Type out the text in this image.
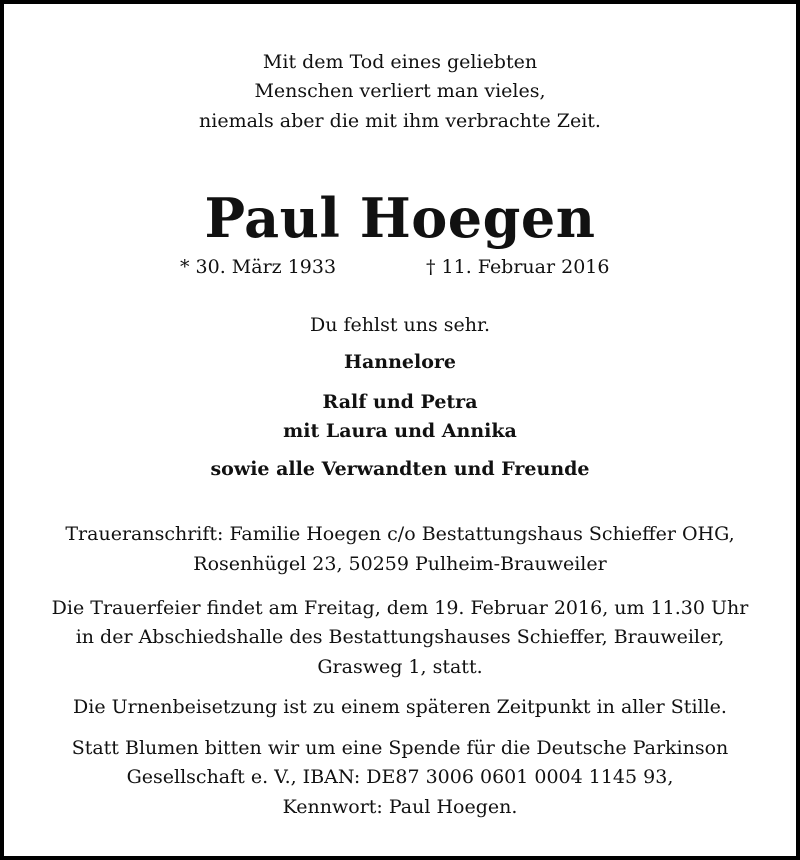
Mit dem Tod eines geliebten
Menschen verliert man vieles,
niemals aber die mit ihm verbrachte Zeit.
Paul Hoegen
* 30. März 1933	† 11. Februar 2016
Du fehlst uns sehr.
Hannelore
Ralf und Petra
mit Laura und Annika
sowie alle Verwandten und Freunde
Traueranschrift: Familie Hoegen c/o Bestattungshaus Schieffer OHG,
Rosenhügel 23, 50259 Pulheim-Brauweiler
Die Trauerfeier findet am Freitag, dem 19. Februar 2016, um 11.30 Uhr
in der Abschiedshalle des Bestattungshauses Schieffer, Brauweiler,
Grasweg 1, statt.
Die Urnenbeisetzung ist zu einem späteren Zeitpunkt in aller Stille.
Statt Blumen bitten wir um eine Spende für die Deutsche Parkinson
Gesellschaft e. V., IBAN: DE87 3006 0601 0004 1145 93,
Kennwort: Paul Hoegen.
